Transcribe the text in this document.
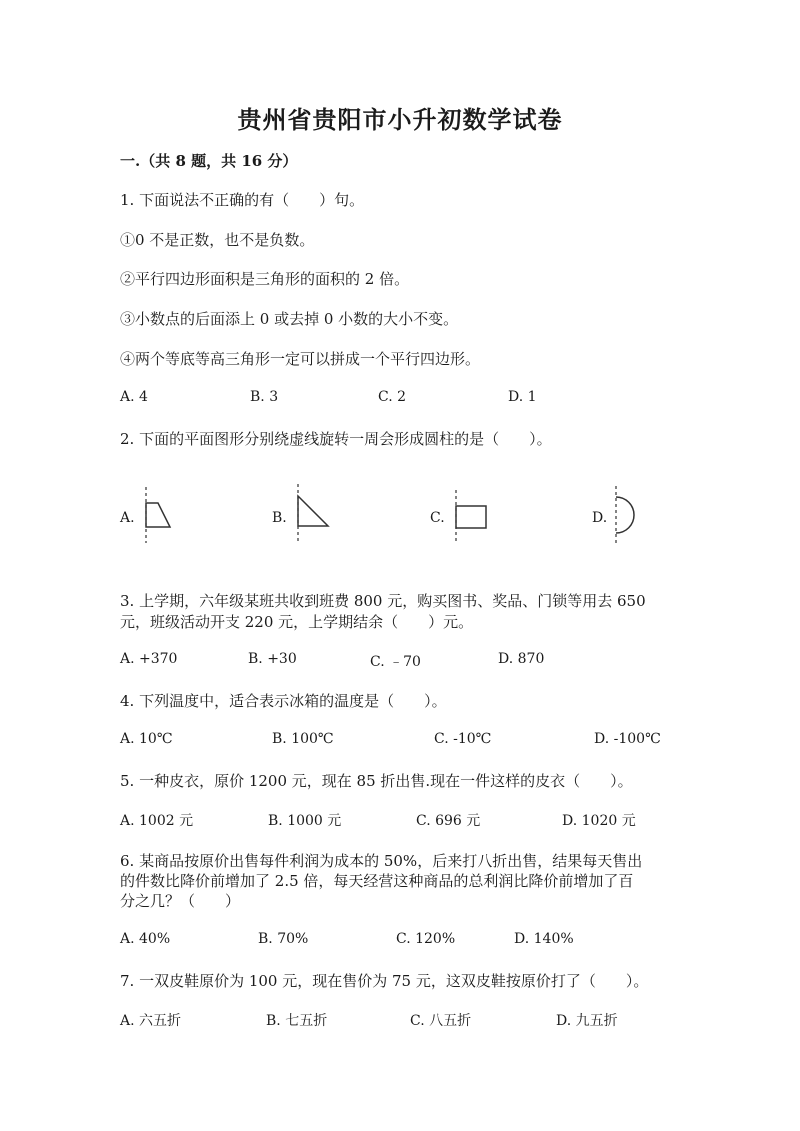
贵州省贵阳市小升初数学试卷
一.（共 8 题，共 16 分）
1. 下面说法不正确的有（　　）句。
①0 不是正数，也不是负数。
②平行四边形面积是三角形的面积的 2 倍。
③小数点的后面添上 0 或去掉 0 小数的大小不变。
④两个等底等高三角形一定可以拼成一个平行四边形。
A. 4	B. 3	C. 2	D. 1
2. 下面的平面图形分别绕虚线旋转一周会形成圆柱的是（　　）。
A.	B.	C.	D.
3. 上学期，六年级某班共收到班费 800 元，购买图书、奖品、门锁等用去 650
元，班级活动开支 220 元，上学期结余（　　）元。
A. +370	B. +30	C. ﹣70	D. 870
4. 下列温度中，适合表示冰箱的温度是（　　）。
A. 10℃	B. 100℃	C. -10℃	D. -100℃
5. 一种皮衣，原价 1200 元，现在 85 折出售.现在一件这样的皮衣（　　）。
A. 1002 元	B. 1000 元	C. 696 元	D. 1020 元
6. 某商品按原价出售每件利润为成本的 50%，后来打八折出售，结果每天售出
的件数比降价前增加了 2.5 倍，每天经营这种商品的总利润比降价前增加了百
分之几？（　　）
A. 40%	B. 70%	C. 120%	D. 140%
7. 一双皮鞋原价为 100 元，现在售价为 75 元，这双皮鞋按原价打了（　　）。
A. 六五折	B. 七五折	C. 八五折	D. 九五折
